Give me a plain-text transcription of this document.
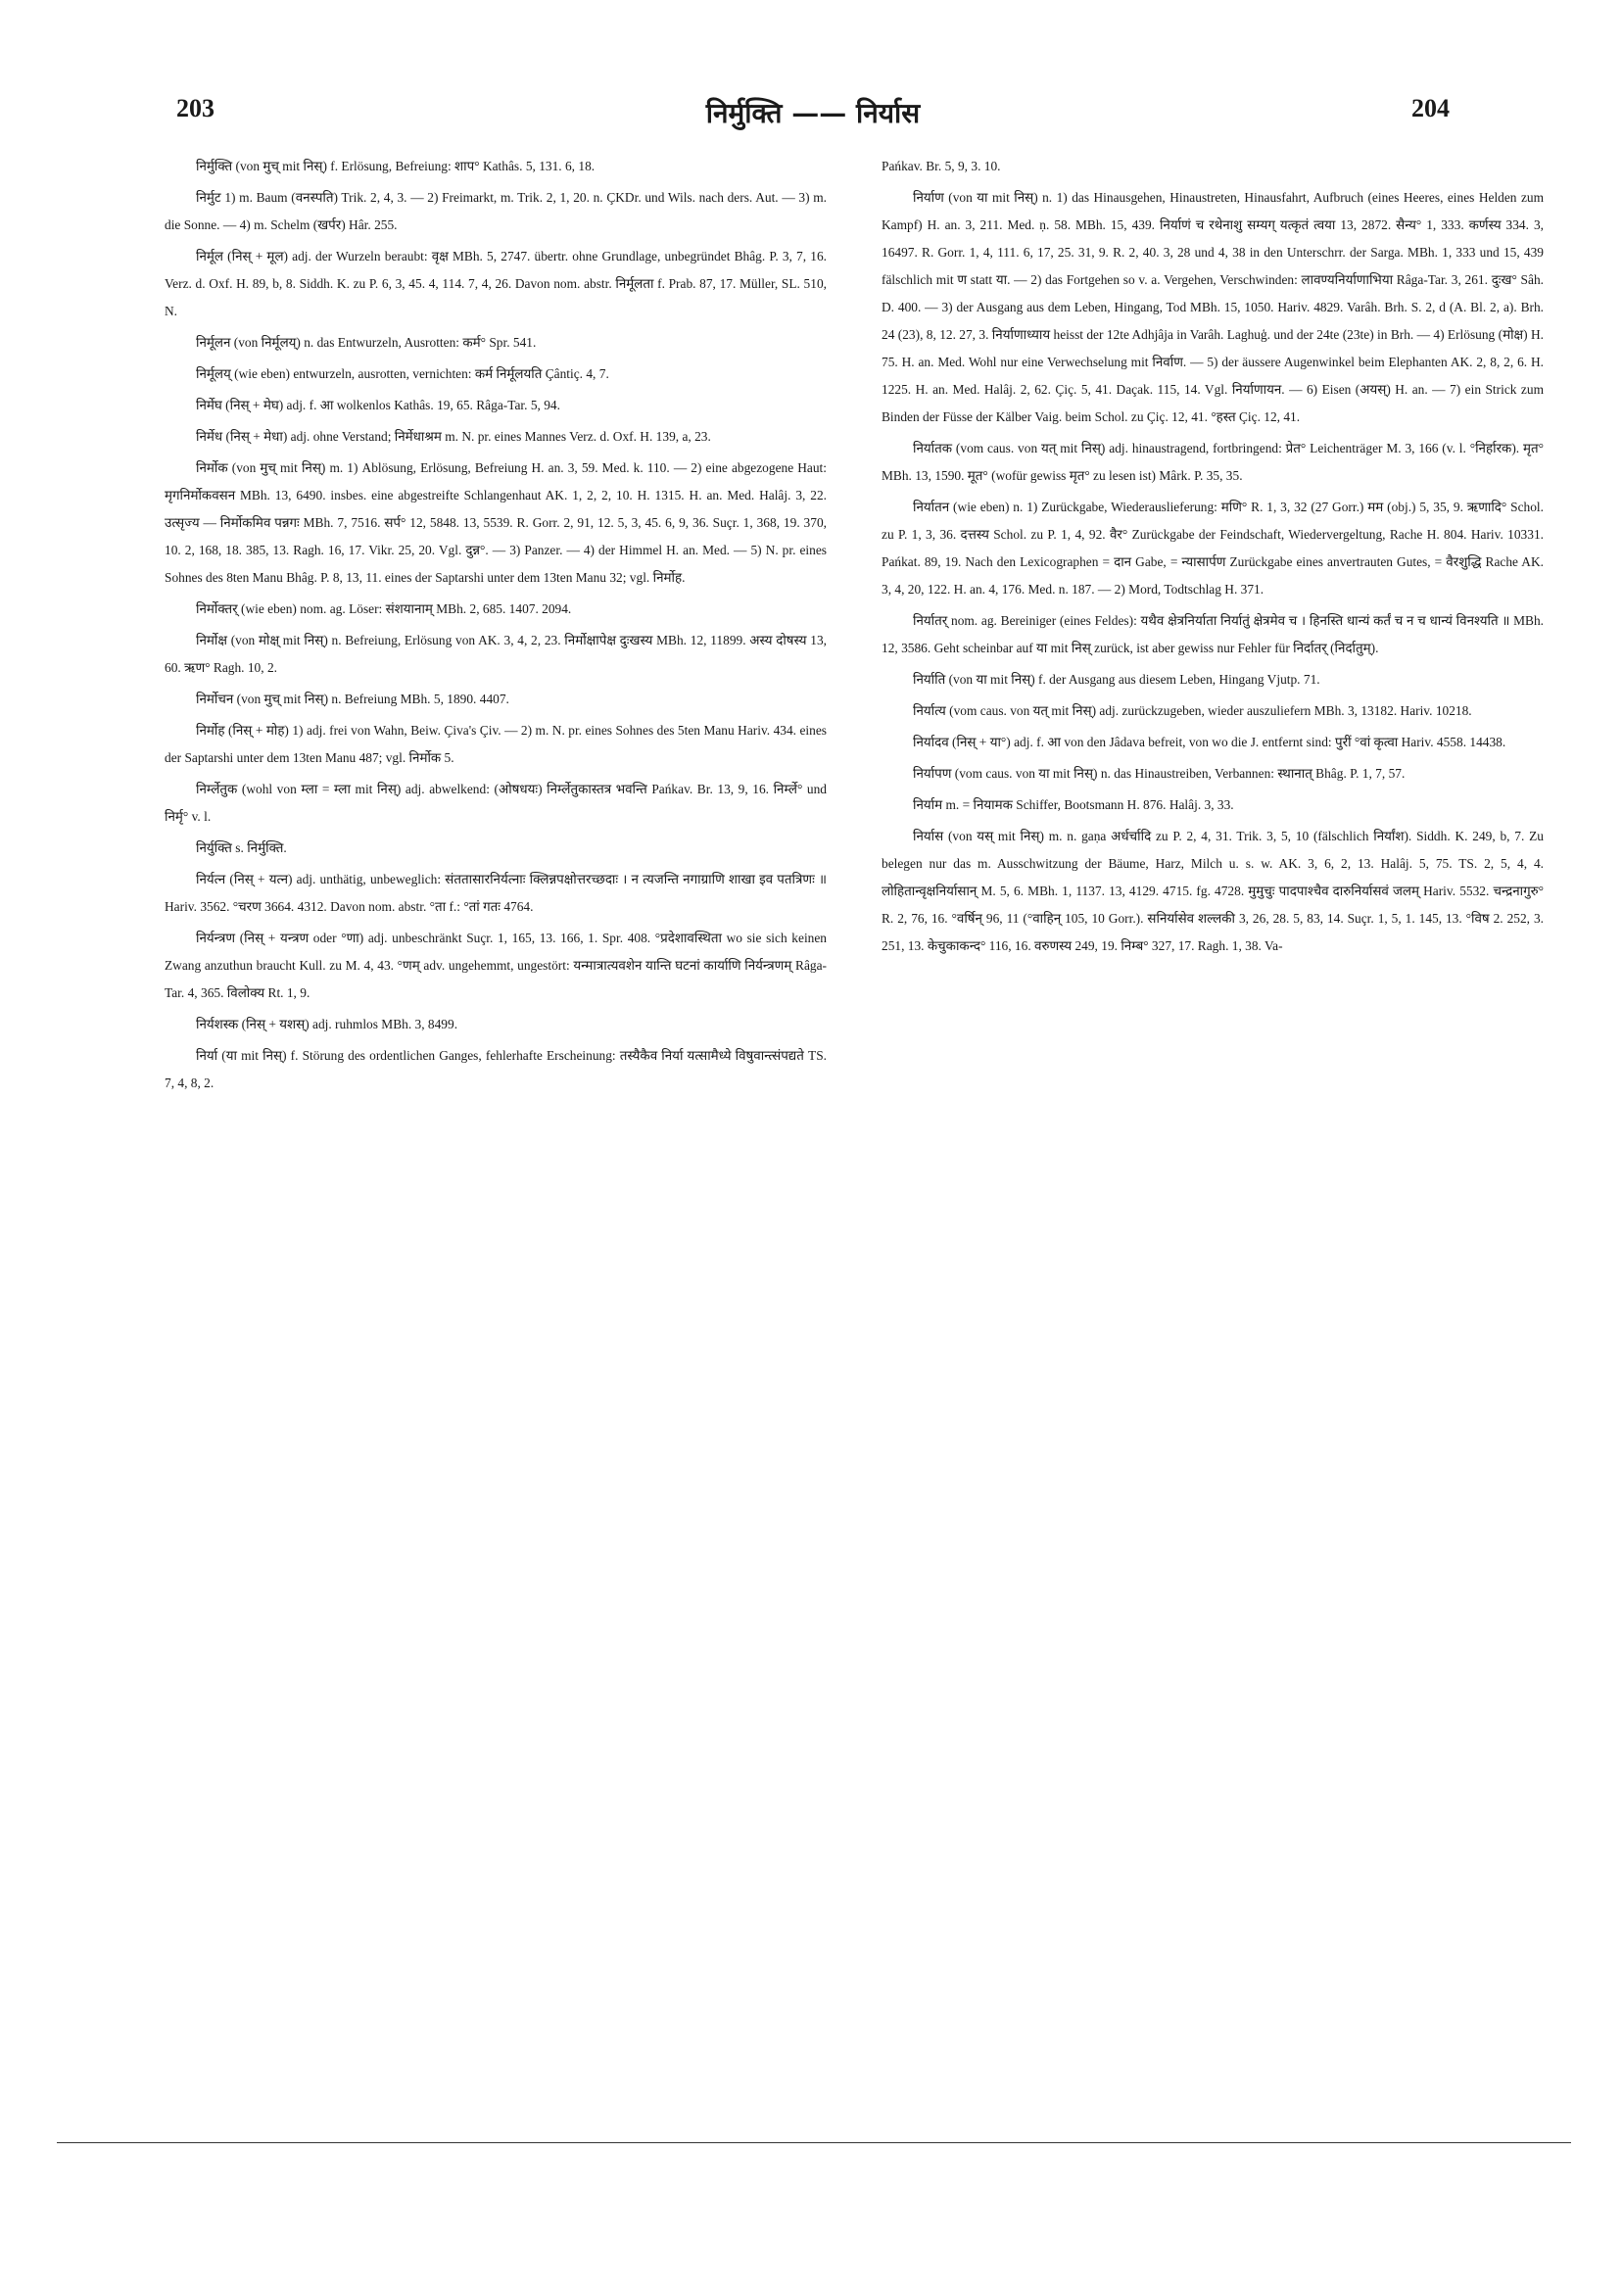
203	निर्मुक्ति —— निर्यास	204

निर्मुक्ति (von मुच् mit निस्) f. Erlösung, Befreiung: शाप° Kathâs. 5, 131. 6, 18.

निर्मुट 1) m. Baum (वनस्पति) Trik. 2, 4, 3. — 2) Freimarkt, m. Trik. 2, 1, 20. n. ÇKDr. und Wils. nach ders. Aut. — 3) m. die Sonne. — 4) m. Schelm (खर्पर) Hâr. 255.

निर्मूल (निस् + मूल) adj. der Wurzeln beraubt: वृक्ष MBh. 5, 2747. übertr. ohne Grundlage, unbegründet Bhâg. P. 3, 7, 16. Verz. d. Oxf. H. 89, b, 8. Siddh. K. zu P. 6, 3, 45. 4, 114. 7, 4, 26. Davon nom. abstr. निर्मूलता f. Prab. 87, 17. Müller, SL. 510, N.

निर्मूलन (von निर्मूलय्) n. das Entwurzeln, Ausrotten: कर्म° Spr. 541.

निर्मूलय् (wie eben) entwurzeln, ausrotten, vernichten: कर्म निर्मूलयति Çântiç. 4, 7.

निर्मेघ (निस् + मेघ) adj. f. आ wolkenlos Kathâs. 19, 65. Râga-Tar. 5, 94.

निर्मेध (निस् + मेधा) adj. ohne Verstand; निर्मेधाश्रम m. N. pr. eines Mannes Verz. d. Oxf. H. 139, a, 23.

निर्मोक (von मुच् mit निस्) m. 1) Ablösung, Erlösung, Befreiung H. an. 3, 59. Med. k. 110. — 2) eine abgezogene Haut: मृगनिर्मोकवसन MBh. 13, 6490. insbes. eine abgestreifte Schlangenhaut AK. 1, 2, 2, 10. H. 1315. H. an. Med. Halâj. 3, 22. उत्सृज्य — निर्मोकमिव पन्नगः MBh. 7, 7516. सर्प° 12, 5848. 13, 5539. R. Gorr. 2, 91, 12. 5, 3, 45. 6, 9, 36. Suçr. 1, 368, 19. 370, 10. 2, 168, 18. 385, 13. Ragh. 16, 17. Vikr. 25, 20. Vgl. दुन्न°. — 3) Panzer. — 4) der Himmel H. an. Med. — 5) N. pr. eines Sohnes des 8ten Manu Bhâg. P. 8, 13, 11. eines der Saptarshi unter dem 13ten Manu 32; vgl. निर्मोह.

निर्मोक्तर् (wie eben) nom. ag. Löser: संशयानाम् MBh. 2, 685. 1407. 2094.

निर्मोक्ष (von मोक्ष् mit निस्) n. Befreiung, Erlösung von AK. 3, 4, 2, 23. निर्मोक्षापेक्ष दुःखस्य MBh. 12, 11899. अस्य दोषस्य 13, 60. ऋण° Ragh. 10, 2.

निर्मोचन (von मुच् mit निस्) n. Befreiung MBh. 5, 1890. 4407.

निर्मोह (निस् + मोह) 1) adj. frei von Wahn, Beiw. Çiva's Çiv. — 2) m. N. pr. eines Sohnes des 5ten Manu Hariv. 434. eines der Saptarshi unter dem 13ten Manu 487; vgl. निर्मोक 5.

निर्म्लेतुक (wohl von म्ला = म्ला mit निस्) adj. abwelkend: (ओषधयः) निर्म्लेतुकास्तत्र भवन्ति Pańkav. Br. 13, 9, 16. निर्म्ले° und निर्मृ° v. l.

निर्युक्ति s. निर्मुक्ति.

निर्यत्न (निस् + यत्न) adj. unthätig, unbeweglich: संततासारनिर्यत्नाः क्लिन्नपक्षोत्तरच्छदाः । न त्यजन्ति नगाग्राणि शाखा इव पतत्रिणः ॥ Hariv. 3562. °चरण 3664. 4312. Davon nom. abstr. °ता f.: °तां गतः 4764.

निर्यन्त्रण (निस् + यन्त्रण oder °णा) adj. unbeschränkt Suçr. 1, 165, 13. 166, 1. Spr. 408. °प्रदेशावस्थिता wo sie sich keinen Zwang anzuthun braucht Kull. zu M. 4, 43. °णम् adv. ungehemmt, ungestört: यन्मात्रात्यवशेन यान्ति घटनां कार्याणि निर्यन्त्रणम् Râga-Tar. 4, 365. विलोक्य Rt. 1, 9.

निर्यशस्क (निस् + यशस्) adj. ruhmlos MBh. 3, 8499.

निर्या (या mit निस्) f. Störung des ordentlichen Ganges, fehlerhafte Erscheinung: तस्यैकैव निर्या यत्सामैध्ये विषुवान्त्संपद्यते TS. 7, 4, 8, 2.

Pańkav. Br. 5, 9, 3. 10.

निर्याण (von या mit निस्) n. 1) das Hinausgehen, Hinaustreten, Hinausfahrt, Aufbruch (eines Heeres, eines Helden zum Kampf) H. an. 3, 211. Med. ṇ. 58. MBh. 15, 439. निर्याणं च रथेनाशु सम्यग् यत्कृतं त्वया 13, 2872. सैन्य° 1, 333. कर्णस्य 334. 3, 16497. R. Gorr. 1, 4, 111. 6, 17, 25. 31, 9. R. 2, 40. 3, 28 und 4, 38 in den Unterschrr. der Sarga. MBh. 1, 333 und 15, 439 fälschlich mit ण statt या. — 2) das Fortgehen so v. a. Vergehen, Verschwinden: लावण्यनिर्याणाभिया Râga-Tar. 3, 261. दुःख° Sâh. D. 400. — 3) der Ausgang aus dem Leben, Hingang, Tod MBh. 15, 1050. Hariv. 4829. Varâh. Brh. S. 2, d (A. Bl. 2, a). Brh. 24 (23), 8, 12. 27, 3. निर्याणाध्याय heisst der 12te Adhjâja in Varâh. Laghuģ. und der 24te (23te) in Brh. — 4) Erlösung (मोक्ष) H. 75. H. an. Med. Wohl nur eine Verwechselung mit निर्वाण. — 5) der äussere Augenwinkel beim Elephanten AK. 2, 8, 2, 6. H. 1225. H. an. Med. Halâj. 2, 62. Çiç. 5, 41. Daçak. 115, 14. Vgl. निर्याणायन. — 6) Eisen (अयस्) H. an. — 7) ein Strick zum Binden der Füsse der Kälber Vaig. beim Schol. zu Çiç. 12, 41. °हस्त Çiç. 12, 41.

निर्यातक (vom caus. von यत् mit निस्) adj. hinaustragend, fortbringend: प्रेत° Leichenträger M. 3, 166 (v. l. °निर्हारक). मृत° MBh. 13, 1590. मूत° (wofür gewiss मृत° zu lesen ist) Mârk. P. 35, 35.

निर्यातन (wie eben) n. 1) Zurückgabe, Wiederauslieferung: मणि° R. 1, 3, 32 (27 Gorr.) मम (obj.) 5, 35, 9. ऋणादि° Schol. zu P. 1, 3, 36. दत्तस्य Schol. zu P. 1, 4, 92. वैर° Zurückgabe der Feindschaft, Wiedervergeltung, Rache H. 804. Hariv. 10331. Pańkat. 89, 19. Nach den Lexicographen = दान Gabe, = न्यासार्पण Zurückgabe eines anvertrauten Gutes, = वैरशुद्धि Rache AK. 3, 4, 20, 122. H. an. 4, 176. Med. n. 187. — 2) Mord, Todtschlag H. 371.

निर्यातर् nom. ag. Bereiniger (eines Feldes): यथैव क्षेत्रनिर्याता निर्यातुं क्षेत्रमेव च । हिनस्ति धान्यं कर्तं च न च धान्यं विनश्यति ॥ MBh. 12, 3586. Geht scheinbar auf या mit निस् zurück, ist aber gewiss nur Fehler für निर्दातर् (निर्दातुम्).

निर्याति (von या mit निस्) f. der Ausgang aus diesem Leben, Hingang Vjutp. 71.

निर्यात्य (vom caus. von यत् mit निस्) adj. zurückzugeben, wieder auszuliefern MBh. 3, 13182. Hariv. 10218.

निर्यादव (निस् + या°) adj. f. आ von den Jâdava befreit, von wo die J. entfernt sind: पुरीं °वां कृत्वा Hariv. 4558. 14438.

निर्यापण (vom caus. von या mit निस्) n. das Hinaustreiben, Verbannen: स्थानात् Bhâg. P. 1, 7, 57.

निर्याम m. = नियामक Schiffer, Bootsmann H. 876. Halâj. 3, 33.

निर्यास (von यस् mit निस्) m. n. gaṇa अर्धर्चादि zu P. 2, 4, 31. Trik. 3, 5, 10 (fälschlich निर्यांश). Siddh. K. 249, b, 7. Zu belegen nur das m. Ausschwitzung der Bäume, Harz, Milch u. s. w. AK. 3, 6, 2, 13. Halâj. 5, 75. TS. 2, 5, 4, 4. लोहितान्वृक्षनिर्यासान् M. 5, 6. MBh. 1, 1137. 13, 4129. 4715. fg. 4728. मुमुचुः पादपाश्चैव दारुनिर्यासवं जलम् Hariv. 5532. चन्द्रनागुरु° R. 2, 76, 16. °वर्षिन् 96, 11 (°वाहिन् 105, 10 Gorr.). सनिर्यासेव शल्लकी 3, 26, 28. 5, 83, 14. Suçr. 1, 5, 1. 145, 13. °विष 2. 252, 3. 251, 13. केचुकाकन्द° 116, 16. वरुणस्य 249, 19. निम्ब° 327, 17. Ragh. 1, 38. Va-
